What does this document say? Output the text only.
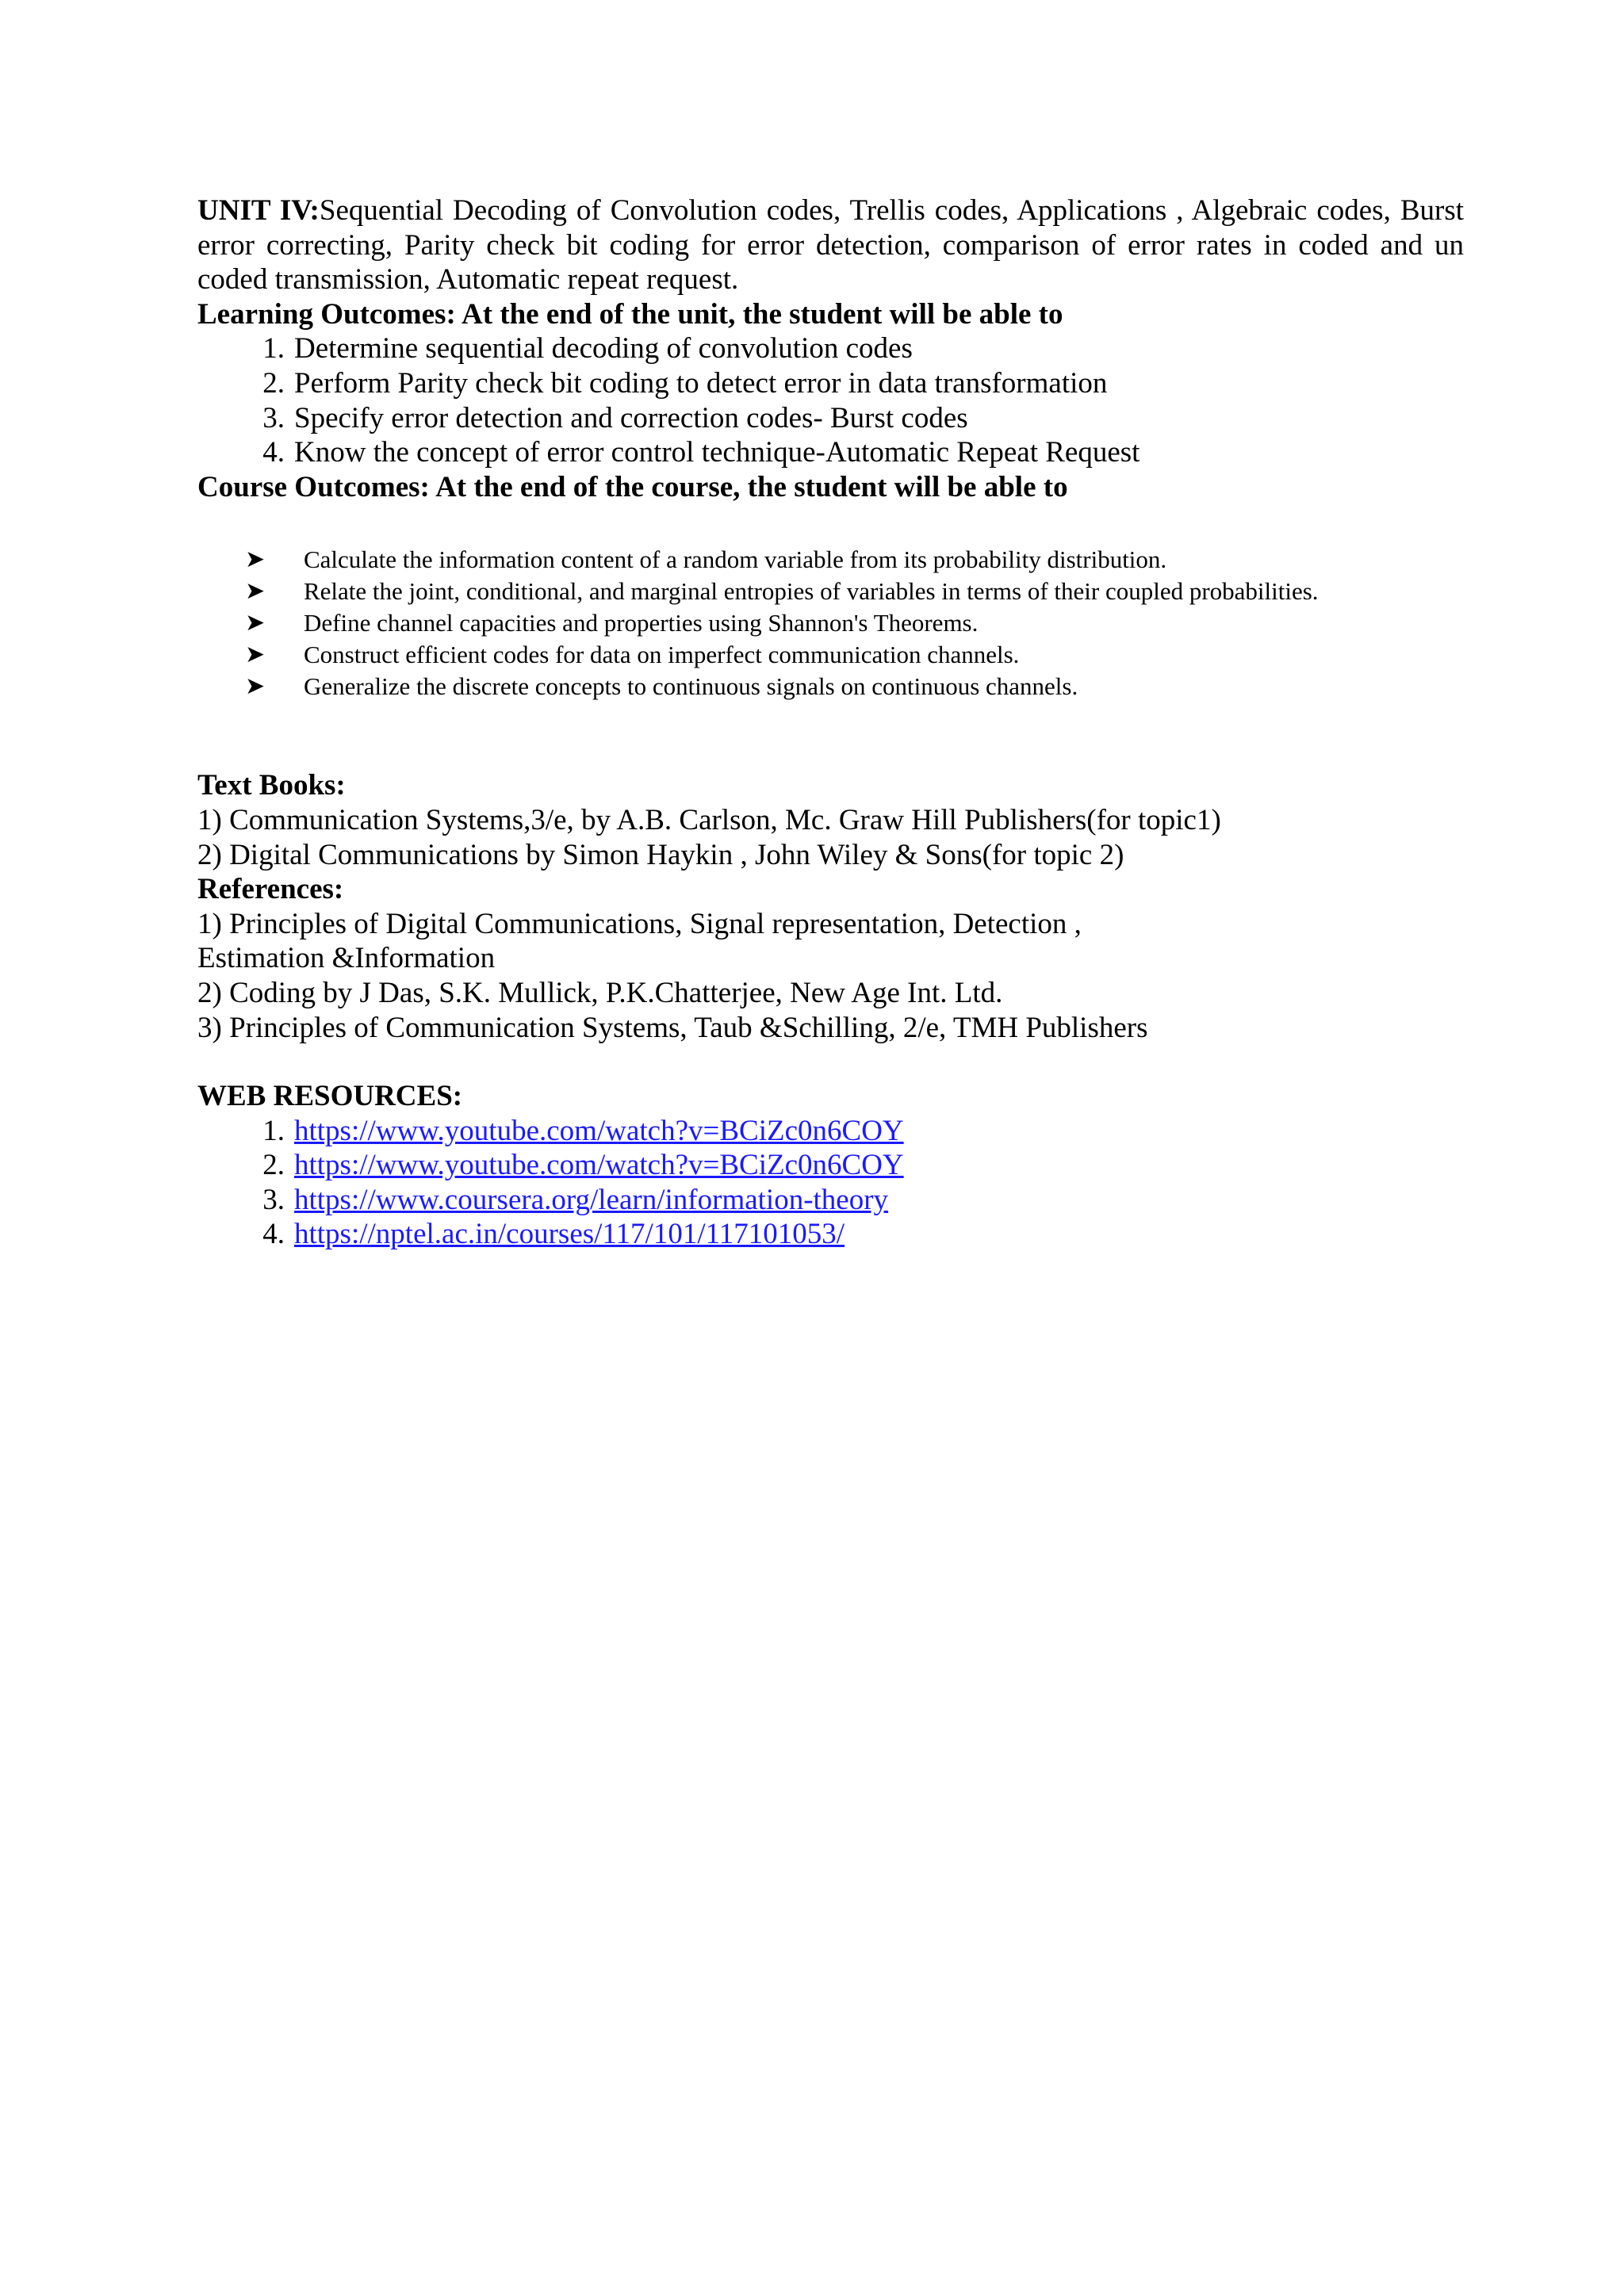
UNIT IV:Sequential Decoding of Convolution codes, Trellis codes, Applications , Algebraic codes, Burst error correcting, Parity check bit coding for error detection, comparison of error rates in coded and un coded transmission, Automatic repeat request.
Learning Outcomes: At the end of the unit, the student will be able to
1. Determine sequential decoding of convolution codes
2. Perform Parity check bit coding to detect error in data transformation
3. Specify error detection and correction codes- Burst codes
4. Know the concept of error control technique-Automatic Repeat Request
Course Outcomes: At the end of the course, the student will be able to
➤ Calculate the information content of a random variable from its probability distribution.
➤ Relate the joint, conditional, and marginal entropies of variables in terms of their coupled probabilities.
➤ Define channel capacities and properties using Shannon's Theorems.
➤ Construct efficient codes for data on imperfect communication channels.
➤ Generalize the discrete concepts to continuous signals on continuous channels.
Text Books:
1) Communication Systems,3/e, by A.B. Carlson, Mc. Graw Hill Publishers(for topic1)
2) Digital Communications by Simon Haykin , John Wiley & Sons(for topic 2)
References:
1) Principles of Digital Communications, Signal representation, Detection ,
Estimation &Information
2) Coding by J Das, S.K. Mullick, P.K.Chatterjee, New Age Int. Ltd.
3) Principles of Communication Systems, Taub &Schilling, 2/e, TMH Publishers
WEB RESOURCES:
1. https://www.youtube.com/watch?v=BCiZc0n6COY
2. https://www.youtube.com/watch?v=BCiZc0n6COY
3. https://www.coursera.org/learn/information-theory
4. https://nptel.ac.in/courses/117/101/117101053/
